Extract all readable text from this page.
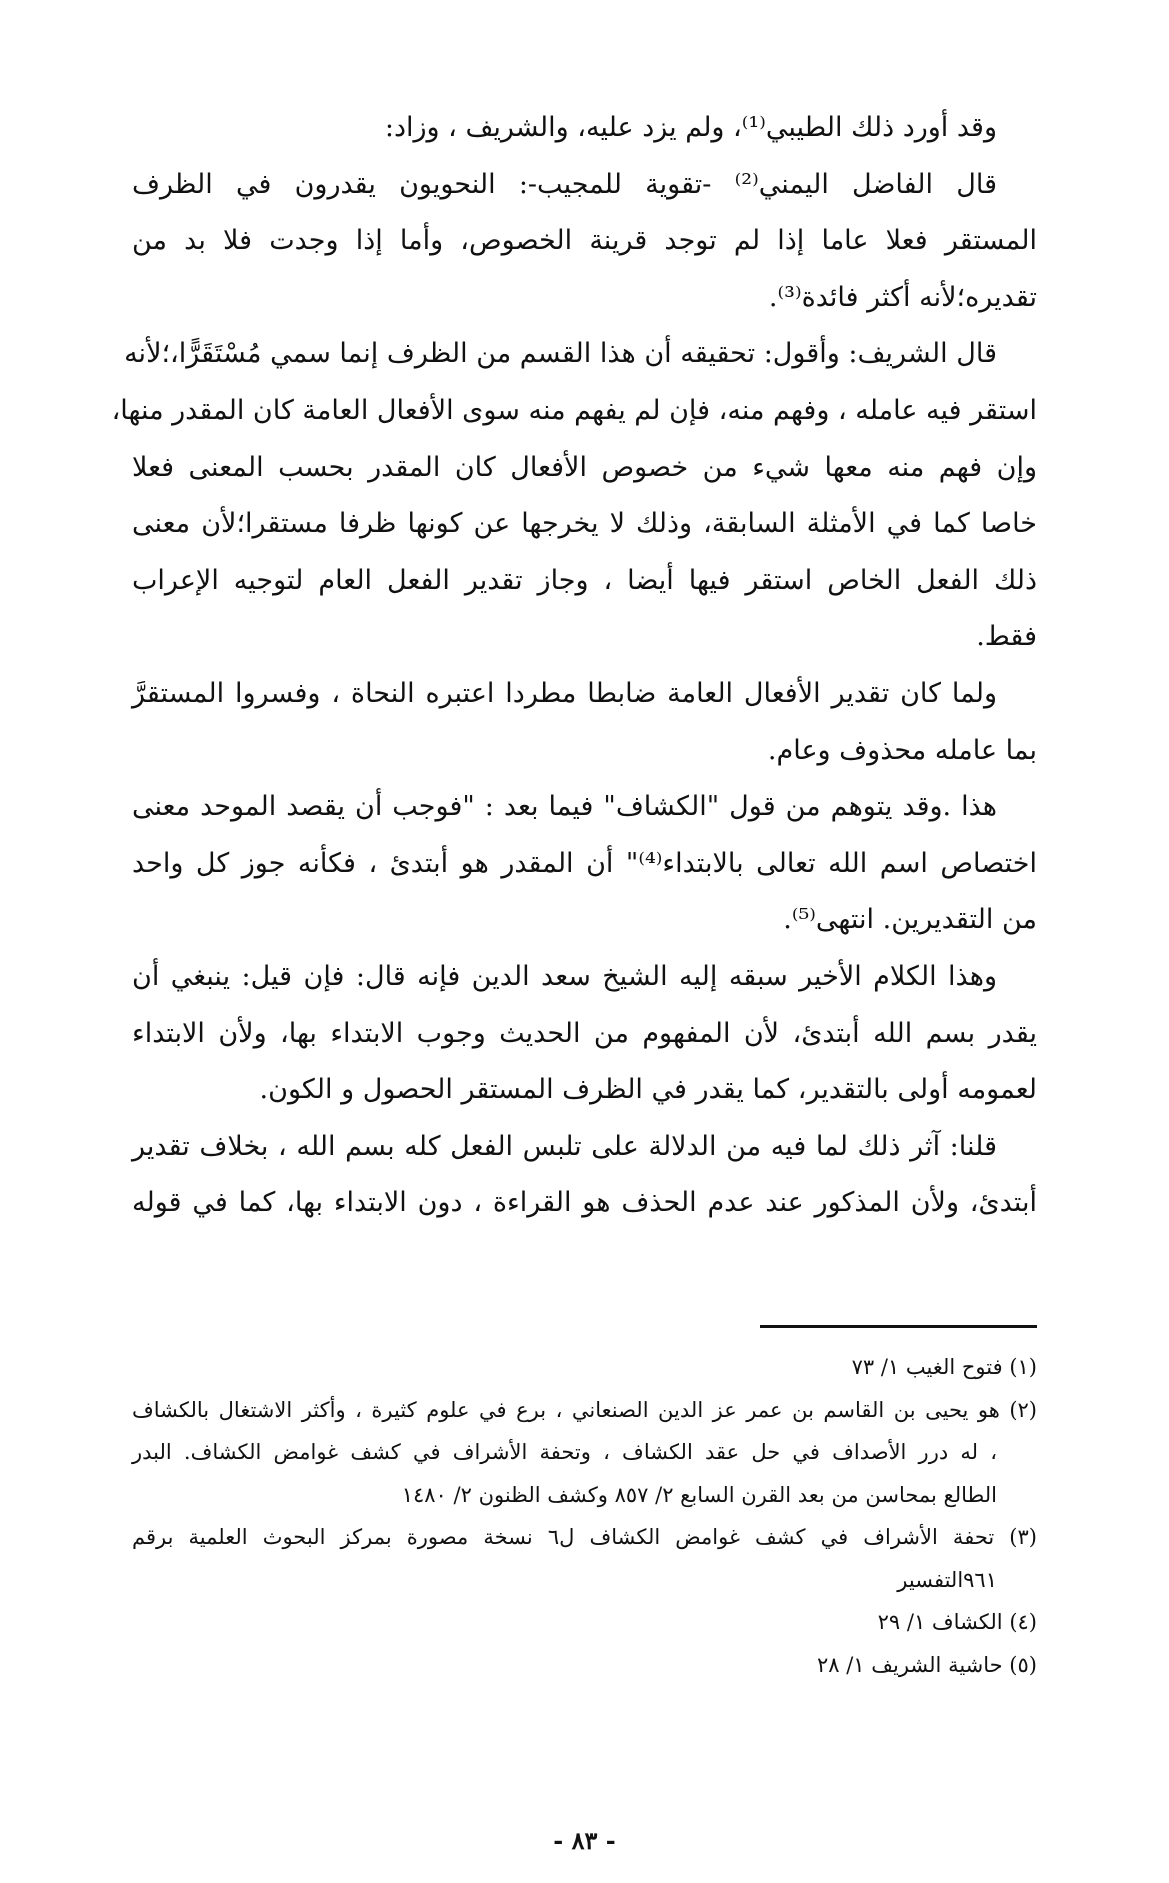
وقد أورد ذلك الطيبي⁽¹⁾، ولم يزد عليه، والشريف ، وزاد:

قال الفاضل اليمني⁽²⁾ -تقوية للمجيب-: النحويون يقدرون في الظرف
المستقر فعلا عاما إذا لم توجد قرينة الخصوص، وأما إذا وجدت فلا بد من
تقديره؛لأنه أكثر فائدة⁽³⁾.

قال الشريف: وأقول: تحقيقه أن هذا القسم من الظرف إنما سمي مُسْتَقَرًّا،؛لأنه
استقر فيه عامله ، وفهم منه، فإن لم يفهم منه سوى الأفعال العامة كان المقدر منها،
وإن فهم منه معها شيء من خصوص الأفعال كان المقدر بحسب المعنى فعلا
خاصا كما في الأمثلة السابقة، وذلك لا يخرجها عن كونها ظرفا مستقرا؛لأن معنى
ذلك الفعل الخاص استقر فيها أيضا ، وجاز تقدير الفعل العام لتوجيه الإعراب
فقط.

ولما كان تقدير الأفعال العامة ضابطا مطردا اعتبره النحاة ، وفسروا المستقرَّ
بما عامله محذوف وعام.

هذا .وقد يتوهم من قول "الكشاف" فيما بعد : "فوجب أن يقصد الموحد معنى
اختصاص اسم الله تعالى بالابتداء⁽⁴⁾" أن المقدر هو أبتدئ ، فكأنه جوز كل واحد
من التقديرين. انتهى⁽⁵⁾.

وهذا الكلام الأخير سبقه إليه الشيخ سعد الدين فإنه قال: فإن قيل: ينبغي أن
يقدر بسم الله أبتدئ، لأن المفهوم من الحديث وجوب الابتداء بها، ولأن الابتداء
لعمومه أولى بالتقدير، كما يقدر في الظرف المستقر الحصول و الكون.

قلنا: آثر ذلك لما فيه من الدلالة على تلبس الفعل كله بسم الله ، بخلاف تقدير
أبتدئ، ولأن المذكور عند عدم الحذف هو القراءة ، دون الابتداء بها، كما في قوله

(١) فتوح الغيب ١/ ٧٣

(٢) هو يحيى بن القاسم بن عمر عز الدين الصنعاني ، برع في علوم كثيرة ، وأكثر الاشتغال بالكشاف
، له درر الأصداف في حل عقد الكشاف ، وتحفة الأشراف في كشف غوامض الكشاف. البدر
الطالع بمحاسن من بعد القرن السابع ٢/ ٨٥٧ وكشف الظنون ٢/ ١٤٨٠

(٣) تحفة الأشراف في كشف غوامض الكشاف ل٦ نسخة مصورة بمركز البحوث العلمية برقم
٩٦١التفسير

(٤) الكشاف ١/ ٢٩

(٥) حاشية الشريف ١/ ٢٨

- ٨٣ -
